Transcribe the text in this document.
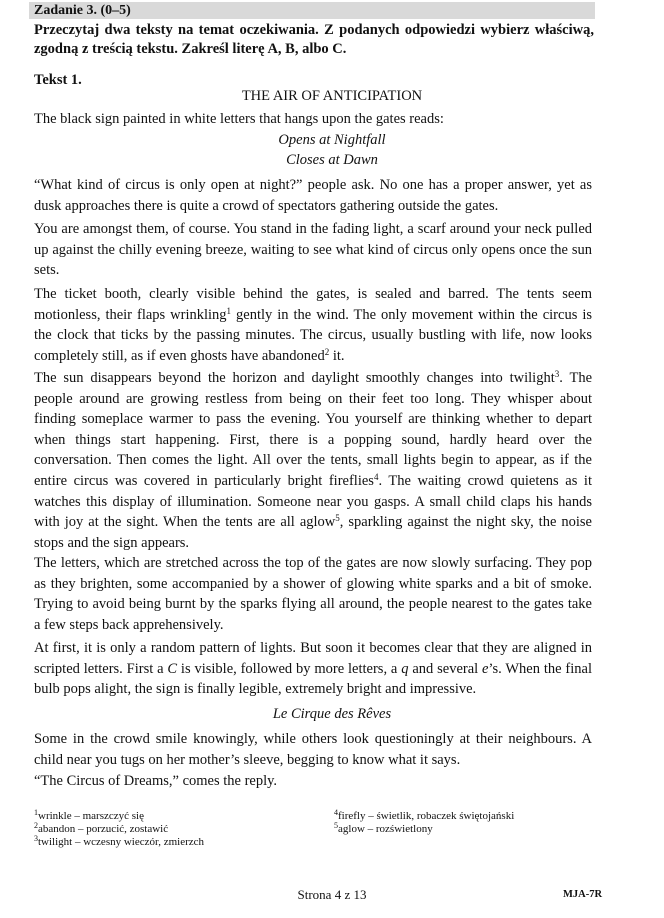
Zadanie 3. (0–5)
Przeczytaj dwa teksty na temat oczekiwania. Z podanych odpowiedzi wybierz właściwą, zgodną z treścią tekstu. Zakreśl literę A, B, albo C.
Tekst 1.
THE AIR OF ANTICIPATION

The black sign painted in white letters that hangs upon the gates reads:

Opens at Nightfall
Closes at Dawn

“What kind of circus is only open at night?” people ask. No one has a proper answer, yet as dusk approaches there is quite a crowd of spectators gathering outside the gates.

You are amongst them, of course. You stand in the fading light, a scarf around your neck pulled up against the chilly evening breeze, waiting to see what kind of circus only opens once the sun sets.

The ticket booth, clearly visible behind the gates, is sealed and barred. The tents seem motionless, their flaps wrinkling$^1$ gently in the wind. The only movement within the circus is the clock that ticks by the passing minutes. The circus, usually bustling with life, now looks completely still, as if even ghosts have abandoned$^2$ it.

The sun disappears beyond the horizon and daylight smoothly changes into twilight$^3$. The people around are growing restless from being on their feet too long. They whisper about finding someplace warmer to pass the evening. You yourself are thinking whether to depart when things start happening. First, there is a popping sound, hardly heard over the conversation. Then comes the light. All over the tents, small lights begin to appear, as if the entire circus was covered in particularly bright fireflies$^4$. The waiting crowd quietens as it watches this display of illumination. Someone near you gasps. A small child claps his hands with joy at the sight. When the tents are all aglow$^5$, sparkling against the night sky, the noise stops and the sign appears.

The letters, which are stretched across the top of the gates are now slowly surfacing. They pop as they brighten, some accompanied by a shower of glowing white sparks and a bit of smoke. Trying to avoid being burnt by the sparks flying all around, the people nearest to the gates take a few steps back apprehensively.

At first, it is only a random pattern of lights. But soon it becomes clear that they are aligned in scripted letters. First a C is visible, followed by more letters, a q and several e’s. When the final bulb pops alight, the sign is finally legible, extremely bright and impressive.

Le Cirque des Rêves

Some in the crowd smile knowingly, while others look questioningly at their neighbours. A child near you tugs on her mother’s sleeve, begging to know what it says.

“The Circus of Dreams,” comes the reply.

$^1$wrinkle – marszczyć się
$^2$abandon – porzucić, zostawić
$^3$twilight – wczesny wieczór, zmierzch
$^4$firefly – świetlik, robaczek świętojański
$^5$aglow – rozświetlony
Strona 4 z 13	MJA-7R
